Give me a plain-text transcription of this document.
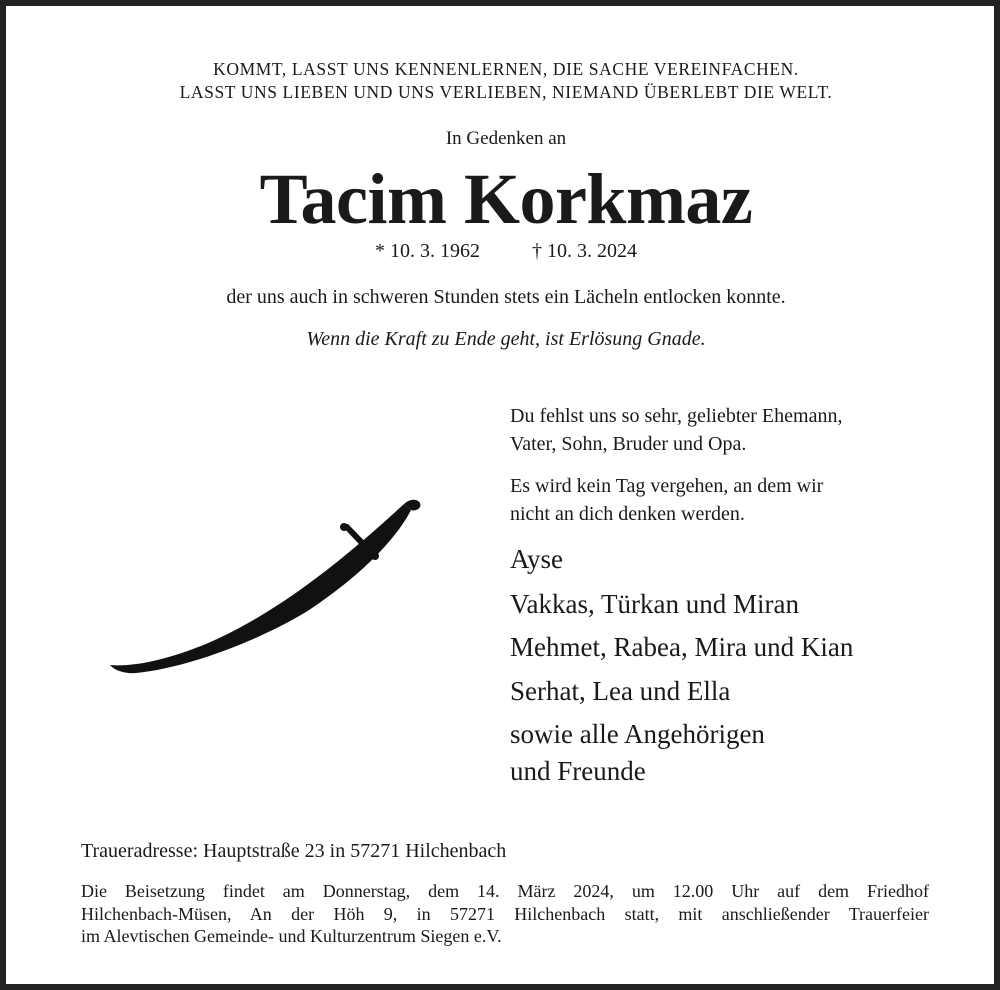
KOMMT, LASST UNS KENNENLERNEN, DIE SACHE VEREINFACHEN.
LASST UNS LIEBEN UND UNS VERLIEBEN, NIEMAND ÜBERLEBT DIE WELT.
In Gedenken an
Tacim Korkmaz
* 10. 3. 1962	† 10. 3. 2024
der uns auch in schweren Stunden stets ein Lächeln entlocken konnte.
Wenn die Kraft zu Ende geht, ist Erlösung Gnade.
Du fehlst uns so sehr, geliebter Ehemann,
Vater, Sohn, Bruder und Opa.
Es wird kein Tag vergehen, an dem wir
nicht an dich denken werden.
Ayse
Vakkas, Türkan und Miran
Mehmet, Rabea, Mira und Kian
Serhat, Lea und Ella
sowie alle Angehörigen
und Freunde
Traueradresse: Hauptstraße 23 in 57271 Hilchenbach
Die Beisetzung findet am Donnerstag, dem 14. März 2024, um 12.00 Uhr auf dem Friedhof
Hilchenbach-Müsen, An der Höh 9, in 57271 Hilchenbach statt, mit anschließender Trauerfeier
im Alevtischen Gemeinde- und Kulturzentrum Siegen e.V.
